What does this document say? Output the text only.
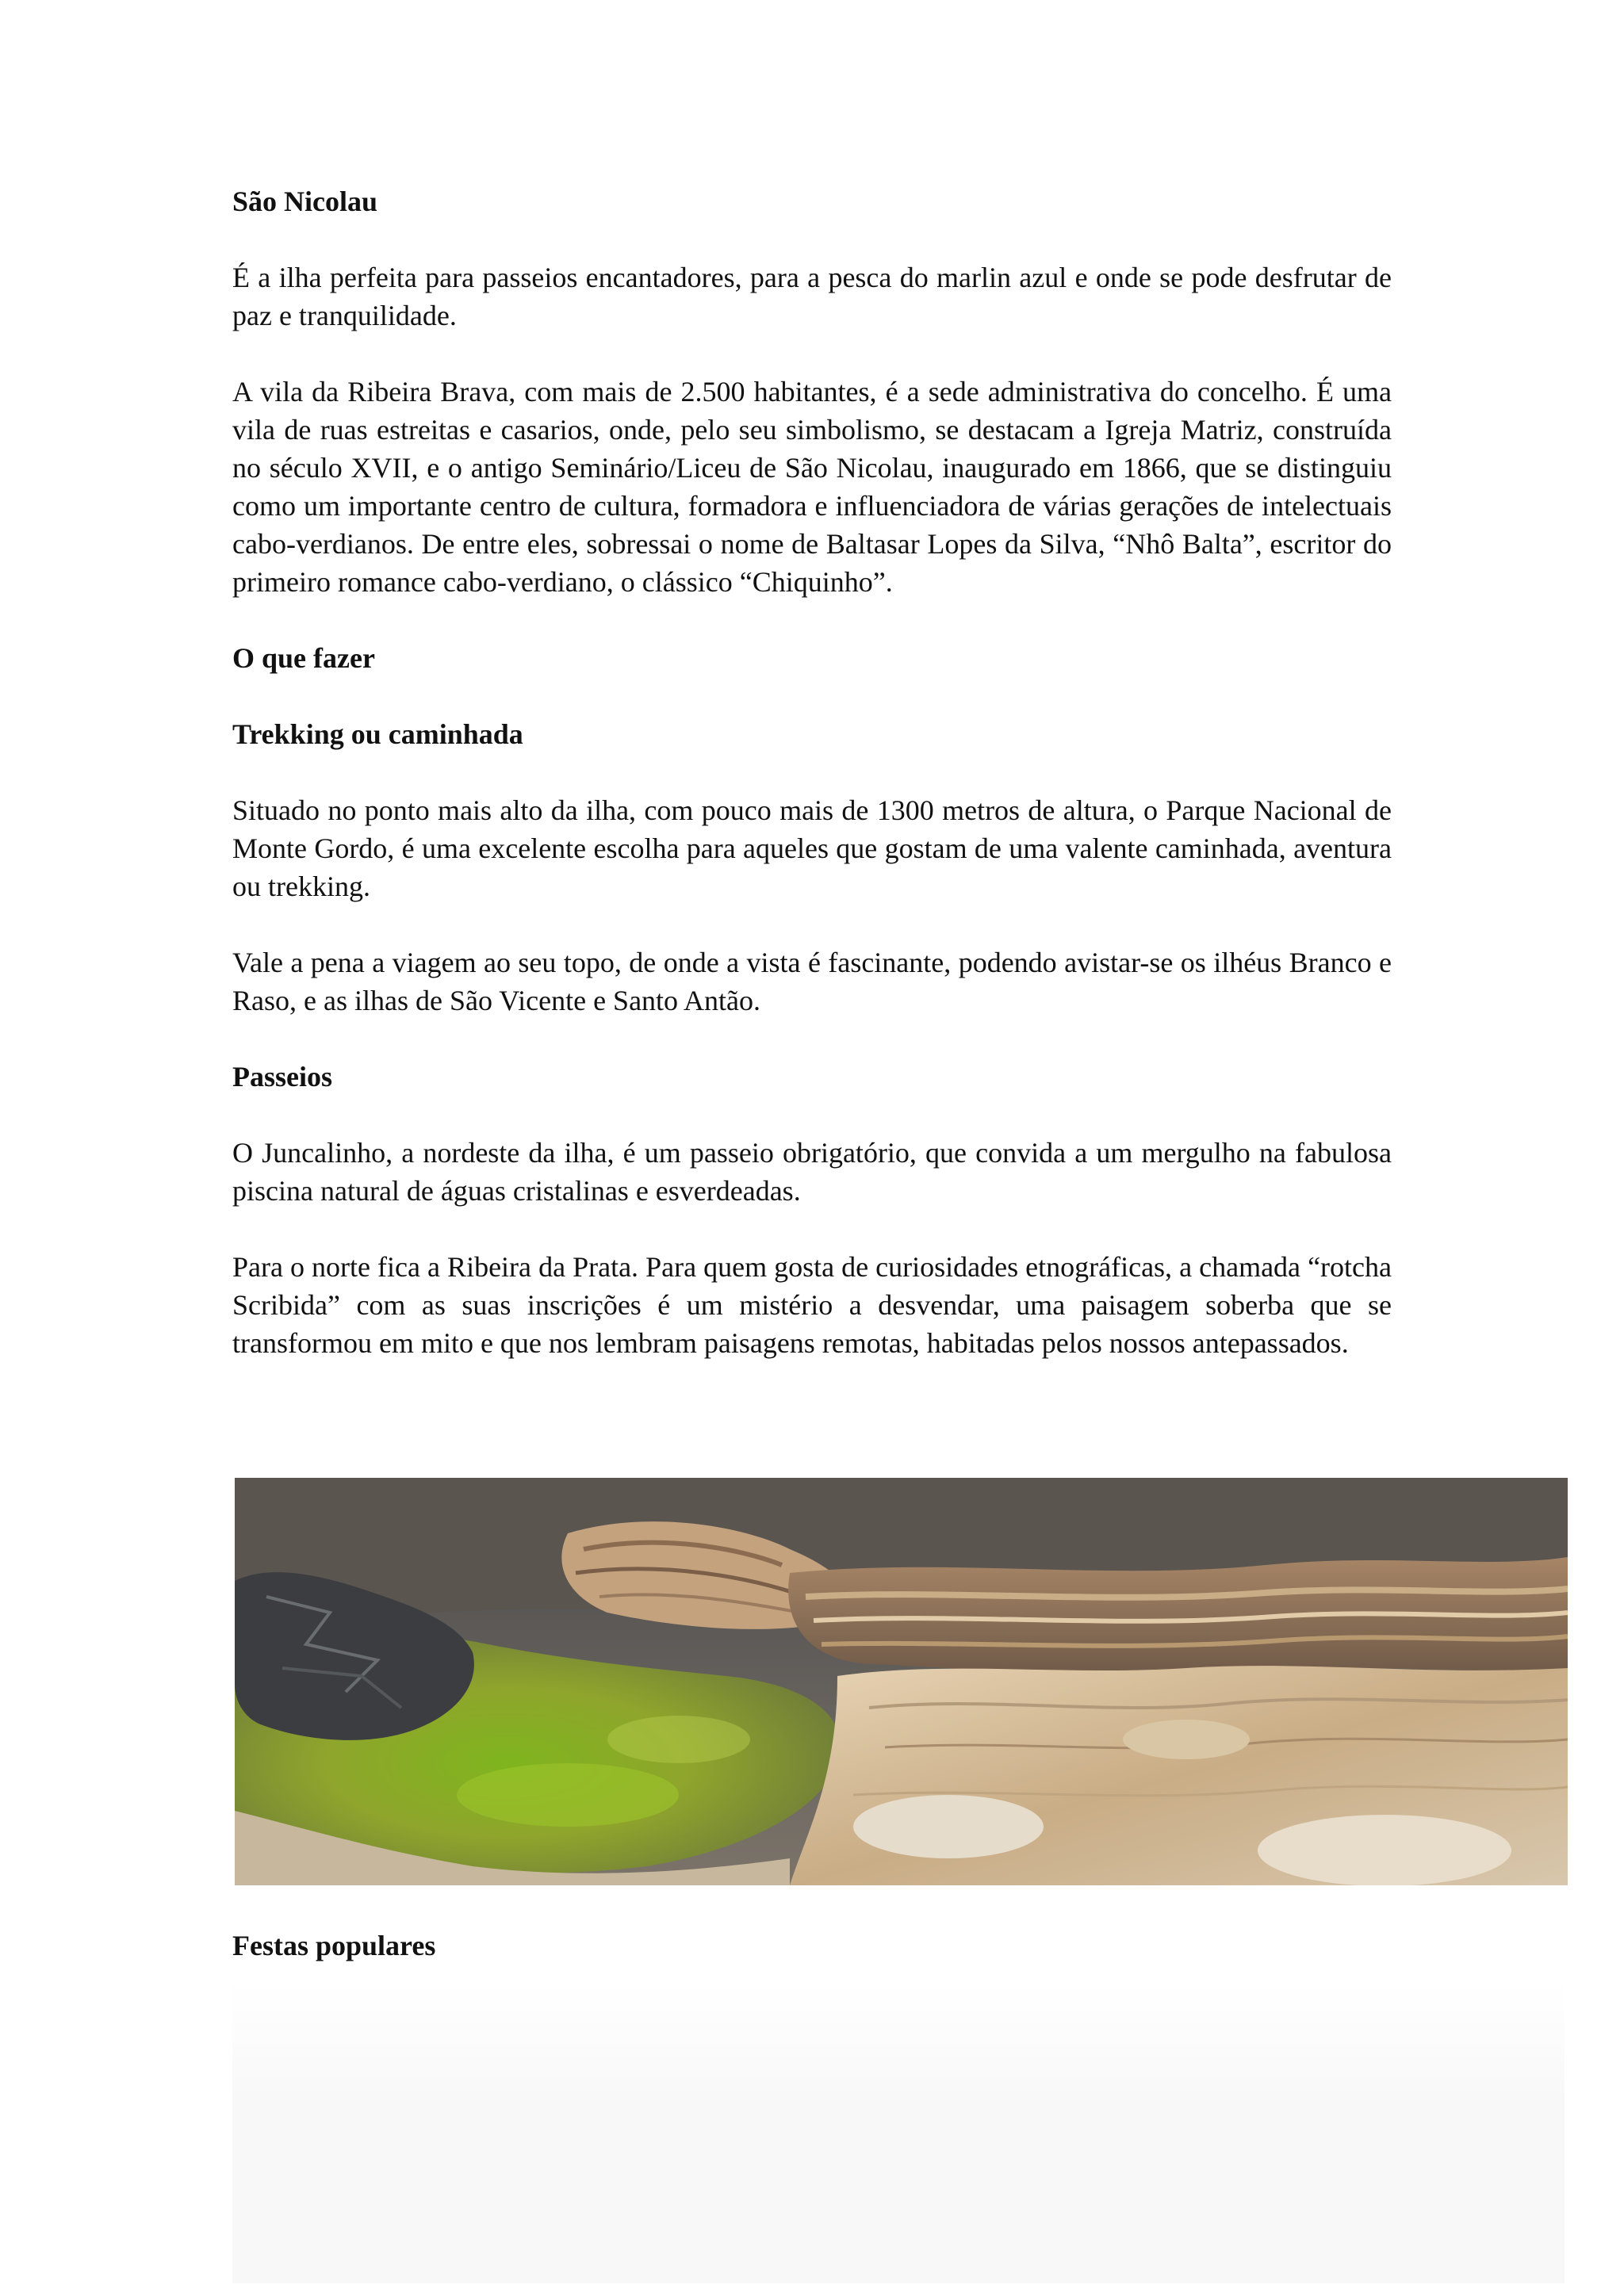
São Nicolau

É a ilha perfeita para passeios encantadores, para a pesca do marlin azul e onde se pode desfrutar de paz e tranquilidade.

A vila da Ribeira Brava, com mais de 2.500 habitantes, é a sede administrativa do concelho. É uma vila de ruas estreitas e casarios, onde, pelo seu simbolismo, se destacam a Igreja Matriz, construída no século XVII, e o antigo Seminário/Liceu de São Nicolau, inaugurado em 1866, que se distinguiu como um importante centro de cultura, formadora e influenciadora de várias gerações de intelectuais cabo-verdianos. De entre eles, sobressai o nome de Baltasar Lopes da Silva, “Nhô Balta”, escritor do primeiro romance cabo-verdiano, o clássico “Chiquinho”.

O que fazer
Trekking ou caminhada

Situado no ponto mais alto da ilha, com pouco mais de 1300 metros de altura, o Parque Nacional de Monte Gordo, é uma excelente escolha para aqueles que gostam de uma valente caminhada, aventura ou trekking.

Vale a pena a viagem ao seu topo, de onde a vista é fascinante, podendo avistar-se os ilhéus Branco e Raso, e as ilhas de São Vicente e Santo Antão.

Passeios

O Juncalinho, a nordeste da ilha, é um passeio obrigatório, que convida a um mergulho na fabulosa piscina natural de águas cristalinas e esverdeadas.

Para o norte fica a Ribeira da Prata. Para quem gosta de curiosidades etnográficas, a chamada “rotcha Scribida” com as suas inscrições é um mistério a desvendar, uma paisagem soberba que se transformou em mito e que nos lembram paisagens remotas, habitadas pelos nossos antepassados.

Festas populares
